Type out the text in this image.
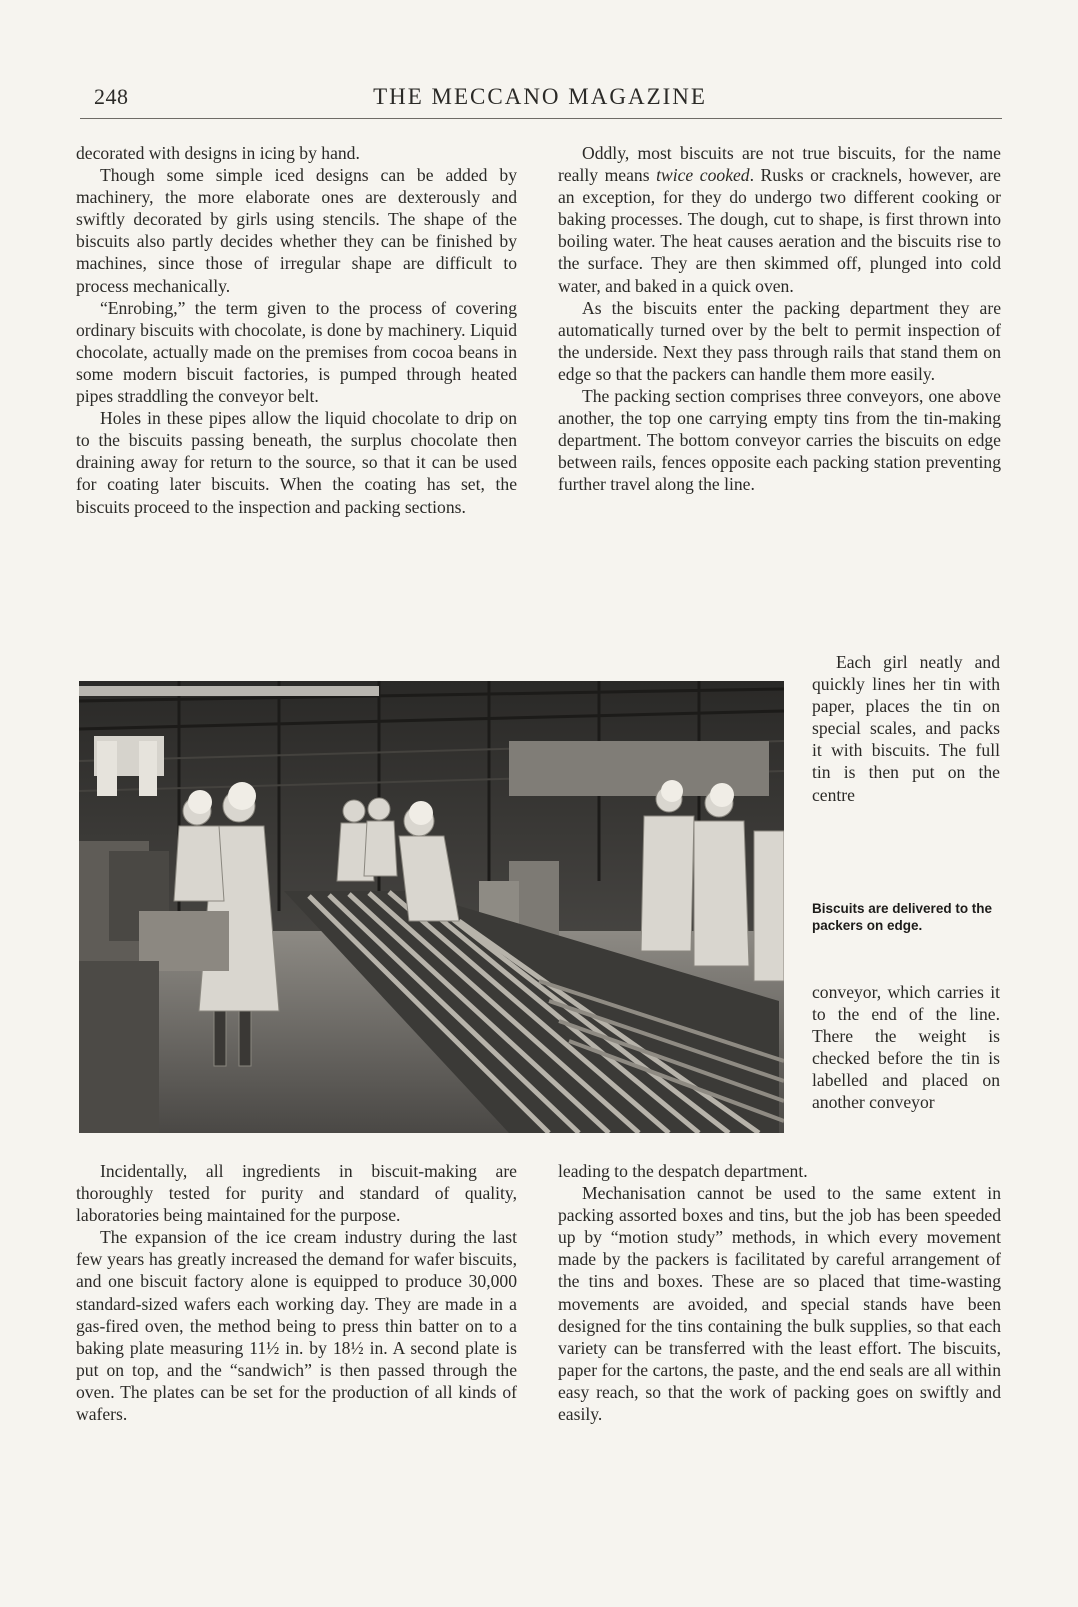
248	THE MECCANO MAGAZINE

decorated with designs in icing by hand.

Though some simple iced designs can be added by machinery, the more elaborate ones are dexterously and swiftly decorated by girls using stencils. The shape of the biscuits also partly decides whether they can be finished by machines, since those of irregular shape are difficult to process mechanically.

“Enrobing,” the term given to the process of covering ordinary biscuits with chocolate, is done by machinery. Liquid chocolate, actually made on the premises from cocoa beans in some modern biscuit factories, is pumped through heated pipes straddling the conveyor belt.

Holes in these pipes allow the liquid chocolate to drip on to the biscuits passing beneath, the surplus chocolate then draining away for return to the source, so that it can be used for coating later biscuits. When the coating has set, the biscuits proceed to the inspection and packing sections.

Oddly, most biscuits are not true biscuits, for the name really means twice cooked. Rusks or cracknels, however, are an exception, for they do undergo two different cooking or baking processes. The dough, cut to shape, is first thrown into boiling water. The heat causes aeration and the biscuits rise to the surface. They are then skimmed off, plunged into cold water, and baked in a quick oven.

As the biscuits enter the packing department they are automatically turned over by the belt to permit inspection of the underside. Next they pass through rails that stand them on edge so that the packers can handle them more easily.

The packing section comprises three conveyors, one above another, the top one carrying empty tins from the tin-making department. The bottom conveyor carries the biscuits on edge between rails, fences opposite each packing station preventing further travel along the line.

Each girl neatly and quickly lines her tin with paper, places the tin on special scales, and packs it with biscuits. The full tin is then put on the centre

Biscuits are delivered to the packers on edge.

conveyor, which carries it to the end of the line. There the weight is checked before the tin is labelled and placed on another conveyor

Incidentally, all ingredients in biscuit-making are thoroughly tested for purity and standard of quality, laboratories being maintained for the purpose.

The expansion of the ice cream industry during the last few years has greatly increased the demand for wafer biscuits, and one biscuit factory alone is equipped to produce 30,000 standard-sized wafers each working day. They are made in a gas-fired oven, the method being to press thin batter on to a baking plate measuring 11½ in. by 18½ in. A second plate is put on top, and the “sandwich” is then passed through the oven. The plates can be set for the production of all kinds of wafers.

leading to the despatch department.

Mechanisation cannot be used to the same extent in packing assorted boxes and tins, but the job has been speeded up by “motion study” methods, in which every movement made by the packers is facilitated by careful arrangement of the tins and boxes. These are so placed that time-wasting movements are avoided, and special stands have been designed for the tins containing the bulk supplies, so that each variety can be transferred with the least effort. The biscuits, paper for the cartons, the paste, and the end seals are all within easy reach, so that the work of packing goes on swiftly and easily.
